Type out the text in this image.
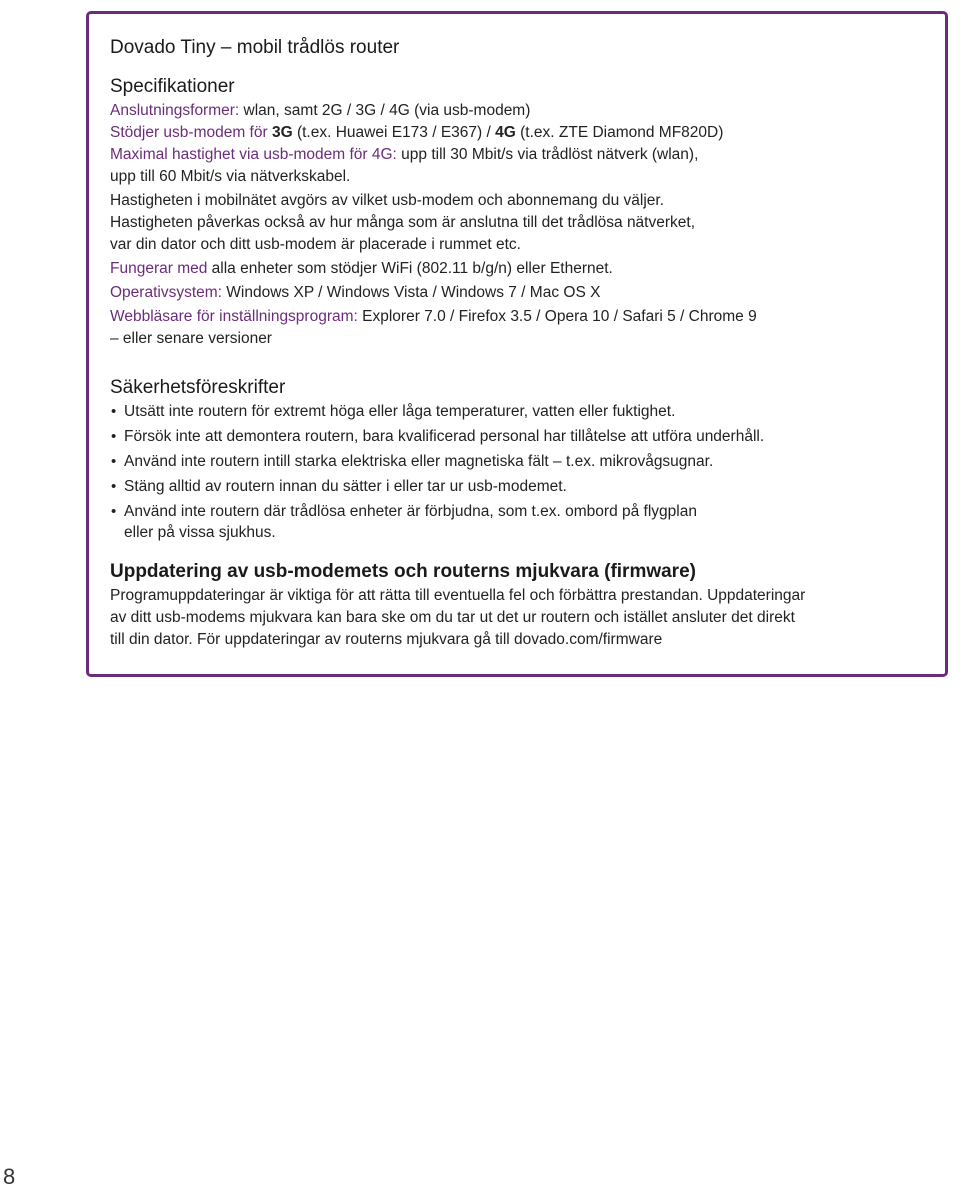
Dovado Tiny – mobil trådlös router
Specifikationer

Anslutningsformer: wlan, samt 2G / 3G / 4G (via usb-modem)

Stödjer usb-modem för 3G (t.ex. Huawei E173 / E367) / 4G (t.ex. ZTE Diamond MF820D)

Maximal hastighet via usb-modem för 4G: upp till 30 Mbit/s via trådlöst nätverk (wlan),

upp till 60 Mbit/s via nätverkskabel.

Hastigheten i mobilnätet avgörs av vilket usb-modem och abonnemang du väljer.

Hastigheten påverkas också av hur många som är anslutna till det trådlösa nätverket,

var din dator och ditt usb-modem är placerade i rummet etc.

Fungerar med alla enheter som stödjer WiFi (802.11 b/g/n) eller Ethernet.

Operativsystem: Windows XP / Windows Vista / Windows 7 / Mac OS X

Webbläsare för inställningsprogram: Explorer 7.0 / Firefox 3.5 / Opera 10 / Safari 5 / Chrome 9

– eller senare versioner

Säkerhetsföreskrifter
• Utsätt inte routern för extremt höga eller låga temperaturer, vatten eller fuktighet.
• Försök inte att demontera routern, bara kvalificerad personal har tillåtelse att utföra underhåll.
• Använd inte routern intill starka elektriska eller magnetiska fält – t.ex. mikrovågsugnar.
• Stäng alltid av routern innan du sätter i eller tar ur usb-modemet.
• Använd inte routern där trådlösa enheter är förbjudna, som t.ex. ombord på flygplan
eller på vissa sjukhus.
Uppdatering av usb-modemets och routerns mjukvara (firmware)

Programuppdateringar är viktiga för att rätta till eventuella fel och förbättra prestandan. Uppdateringar

av ditt usb-modems mjukvara kan bara ske om du tar ut det ur routern och istället ansluter det direkt

till din dator. För uppdateringar av routerns mjukvara gå till dovado.com/firmware

8
